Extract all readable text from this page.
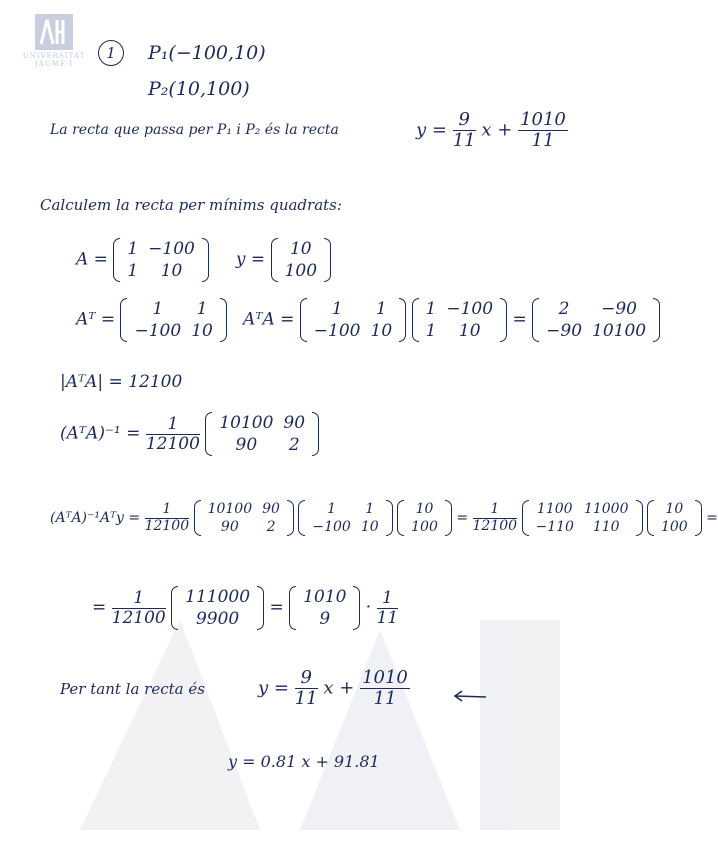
UNIVERSITAT
JAUME·I
1	P₁(−100,10)
P₂(10,100)
La recta que passa per P₁ i P₂ és la recta	$y = \frac{9}{11}$ $x + \frac{1010}{11}$
Calculem la recta per mínims quadrats:
A =
1	−100
1	10
y =
10
100
Aᵀ =
1	1
−100	10
AᵀA =
1	1
−100	10

1	−100
1	10
=
2	−90
−90	10100
|AᵀA| = 12100
(AᵀA)⁻¹ = $\frac{1}{12100}$
10100	90
90	2
(AᵀA)⁻¹Aᵀy = $\frac{1}{12100}$
10100	90
90	2

1	1
−100	10

10
100
= $\frac{1}{12100}$
1100	11000
−110	110

10
100
=
= $\frac{1}{12100}$
111000
9900
=
1010
9
· $\frac{1}{11}$
Per tant la recta és	$y = \frac{9}{11}$ $x + \frac{1010}{11}$
y = 0.81 x + 91.81
